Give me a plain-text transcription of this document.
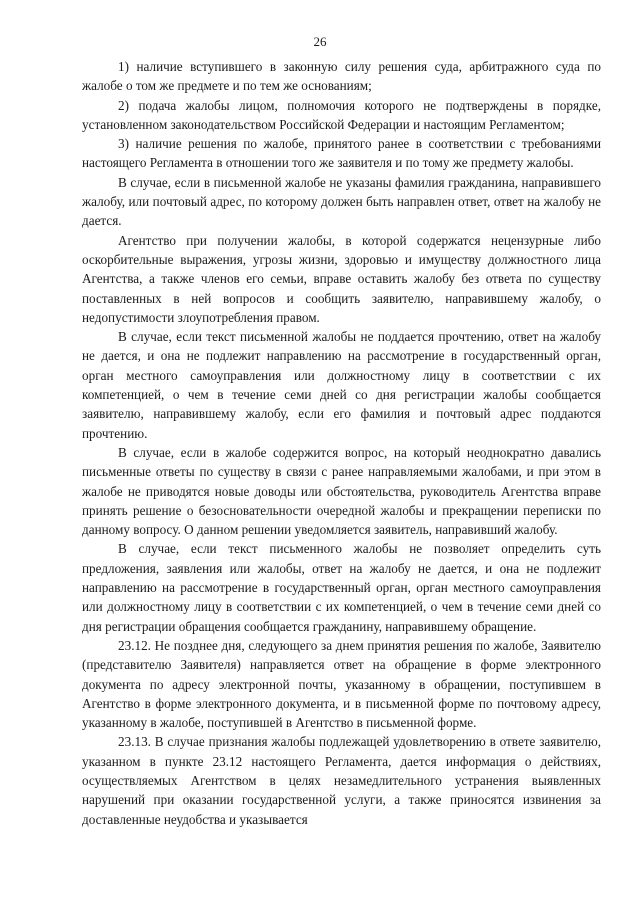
26

1) наличие вступившего в законную силу решения суда, арбитражного суда по жалобе о том же предмете и по тем же основаниям;

2) подача жалобы лицом, полномочия которого не подтверждены в порядке, установленном законодательством Российской Федерации и настоящим Регламентом;

3) наличие решения по жалобе, принятого ранее в соответствии с требованиями настоящего Регламента в отношении того же заявителя и по тому же предмету жалобы.

В случае, если в письменной жалобе не указаны фамилия гражданина, направившего жалобу, или почтовый адрес, по которому должен быть направлен ответ, ответ на жалобу не дается.

Агентство при получении жалобы, в которой содержатся нецензурные либо оскорбительные выражения, угрозы жизни, здоровью и имуществу должностного лица Агентства, а также членов его семьи, вправе оставить жалобу без ответа по существу поставленных в ней вопросов и сообщить заявителю, направившему жалобу, о недопустимости злоупотребления правом.

В случае, если текст письменной жалобы не поддается прочтению, ответ на жалобу не дается, и она не подлежит направлению на рассмотрение в государственный орган, орган местного самоуправления или должностному лицу в соответствии с их компетенцией, о чем в течение семи дней со дня регистрации жалобы сообщается заявителю, направившему жалобу, если его фамилия и почтовый адрес поддаются прочтению.

В случае, если в жалобе содержится вопрос, на который неоднократно давались письменные ответы по существу в связи с ранее направляемыми жалобами, и при этом в жалобе не приводятся новые доводы или обстоятельства, руководитель Агентства вправе принять решение о безосновательности очередной жалобы и прекращении переписки по данному вопросу. О данном решении уведомляется заявитель, направивший жалобу.

В случае, если текст письменного жалобы не позволяет определить суть предложения, заявления или жалобы, ответ на жалобу не дается, и она не подлежит направлению на рассмотрение в государственный орган, орган местного самоуправления или должностному лицу в соответствии с их компетенцией, о чем в течение семи дней со дня регистрации обращения сообщается гражданину, направившему обращение.

23.12. Не позднее дня, следующего за днем принятия решения по жалобе, Заявителю (представителю Заявителя) направляется ответ на обращение в форме электронного документа по адресу электронной почты, указанному в обращении, поступившем в Агентство в форме электронного документа, и в письменной форме по почтовому адресу, указанному в жалобе, поступившей в Агентство в письменной форме.

23.13. В случае признания жалобы подлежащей удовлетворению в ответе заявителю, указанном в пункте 23.12 настоящего Регламента, дается информация о действиях, осуществляемых Агентством в целях незамедлительного устранения выявленных нарушений при оказании государственной услуги, а также приносятся извинения за доставленные неудобства и указывается
